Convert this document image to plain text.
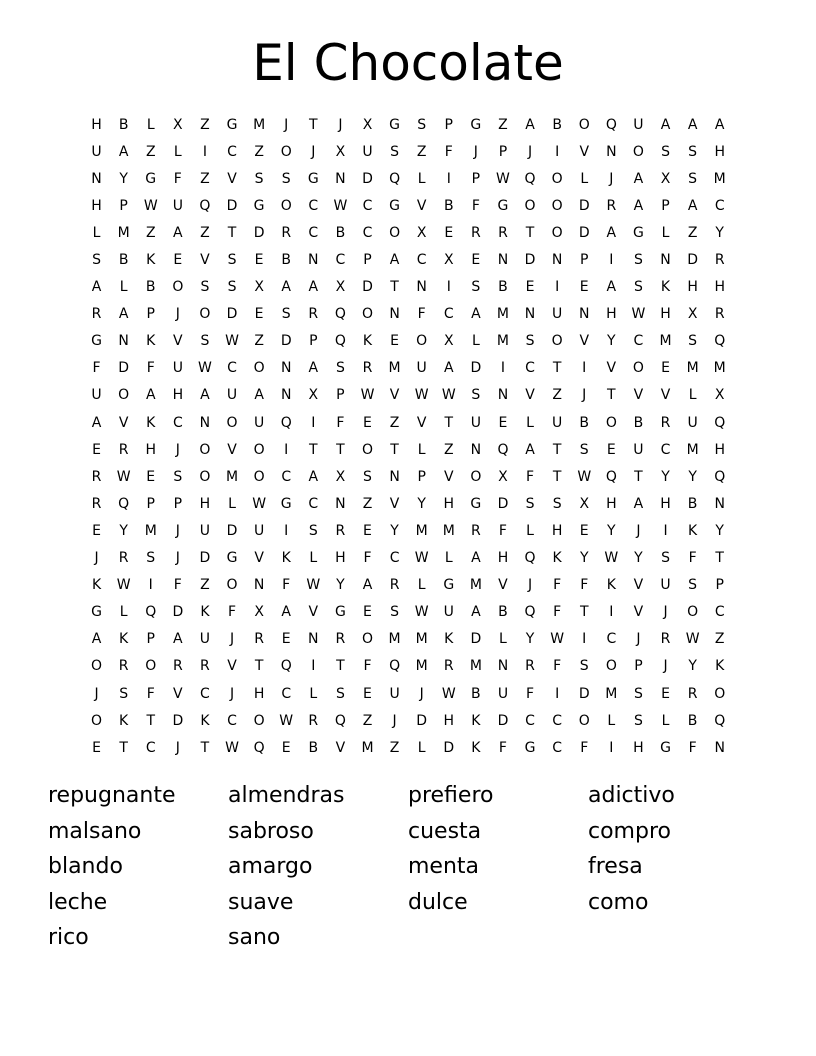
El Chocolate
H	B	L	X	Z	G	M	J	T	J	X	G	S	P	G	Z	A	B	O	Q	U	A	A	A
U	A	Z	L	I	C	Z	O	J	X	U	S	Z	F	J	P	J	I	V	N	O	S	S	H
N	Y	G	F	Z	V	S	S	G	N	D	Q	L	I	P	W	Q	O	L	J	A	X	S	M
H	P	W	U	Q	D	G	O	C	W	C	G	V	B	F	G	O	O	D	R	A	P	A	C
L	M	Z	A	Z	T	D	R	C	B	C	O	X	E	R	R	T	O	D	A	G	L	Z	Y
S	B	K	E	V	S	E	B	N	C	P	A	C	X	E	N	D	N	P	I	S	N	D	R
A	L	B	O	S	S	X	A	A	X	D	T	N	I	S	B	E	I	E	A	S	K	H	H
R	A	P	J	O	D	E	S	R	Q	O	N	F	C	A	M	N	U	N	H	W	H	X	R
G	N	K	V	S	W	Z	D	P	Q	K	E	O	X	L	M	S	O	V	Y	C	M	S	Q
F	D	F	U	W	C	O	N	A	S	R	M	U	A	D	I	C	T	I	V	O	E	M	M
U	O	A	H	A	U	A	N	X	P	W	V	W W	S	N	V	Z	J	T	V	V	L	X
A	V	K	C	N	O	U	Q	I	F	E	Z	V	T	U	E	L	U	B	O	B	R	U	Q
E	R	H	J	O	V	O	I	T	T	O	T	L	Z	N	Q	A	T	S	E	U	C	M	H
R	W	E	S	O	M	O	C	A	X	S	N	P	V	O	X	F	T	W	Q	T	Y	Y	Q
R	Q	P	P	H	L	W	G	C	N	Z	V	Y	H	G	D	S	S	X	H	A	H	B	N
E	Y	M	J	U	D	U	I	S	R	E	Y	M	M	R	F	L	H	E	Y	J	I	K	Y
J	R	S	J	D	G	V	K	L	H	F	C	W	L	A	H	Q	K	Y	W	Y	S	F	T
K	W	I	F	Z	O	N	F	W	Y	A	R	L	G	M	V	J	F	F	K	V	U	S	P
G	L	Q	D	K	F	X	A	V	G	E	S	W	U	A	B	Q	F	T	I	V	J	O	C
A	K	P	A	U	J	R	E	N	R	O	M	M	K	D	L	Y	W	I	C	J	R	W	Z
O	R	O	R	R	V	T	Q	I	T	F	Q	M	R	M	N	R	F	S	O	P	J	Y	K
J	S	F	V	C	J	H	C	L	S	E	U	J	W	B	U	F	I	D	M	S	E	R	O
O	K	T	D	K	C	O	W	R	Q	Z	J	D	H	K	D	C	C	O	L	S	L	B	Q
E	T	C	J	T	W	Q	E	B	V	M	Z	L	D	K	F	G	C	F	I	H	G	F	N
repugnante	almendras	prefiero	adictivo
malsano	sabroso	cuesta	compro
blando	amargo	menta	fresa
leche	suave	dulce	como
rico	sano
